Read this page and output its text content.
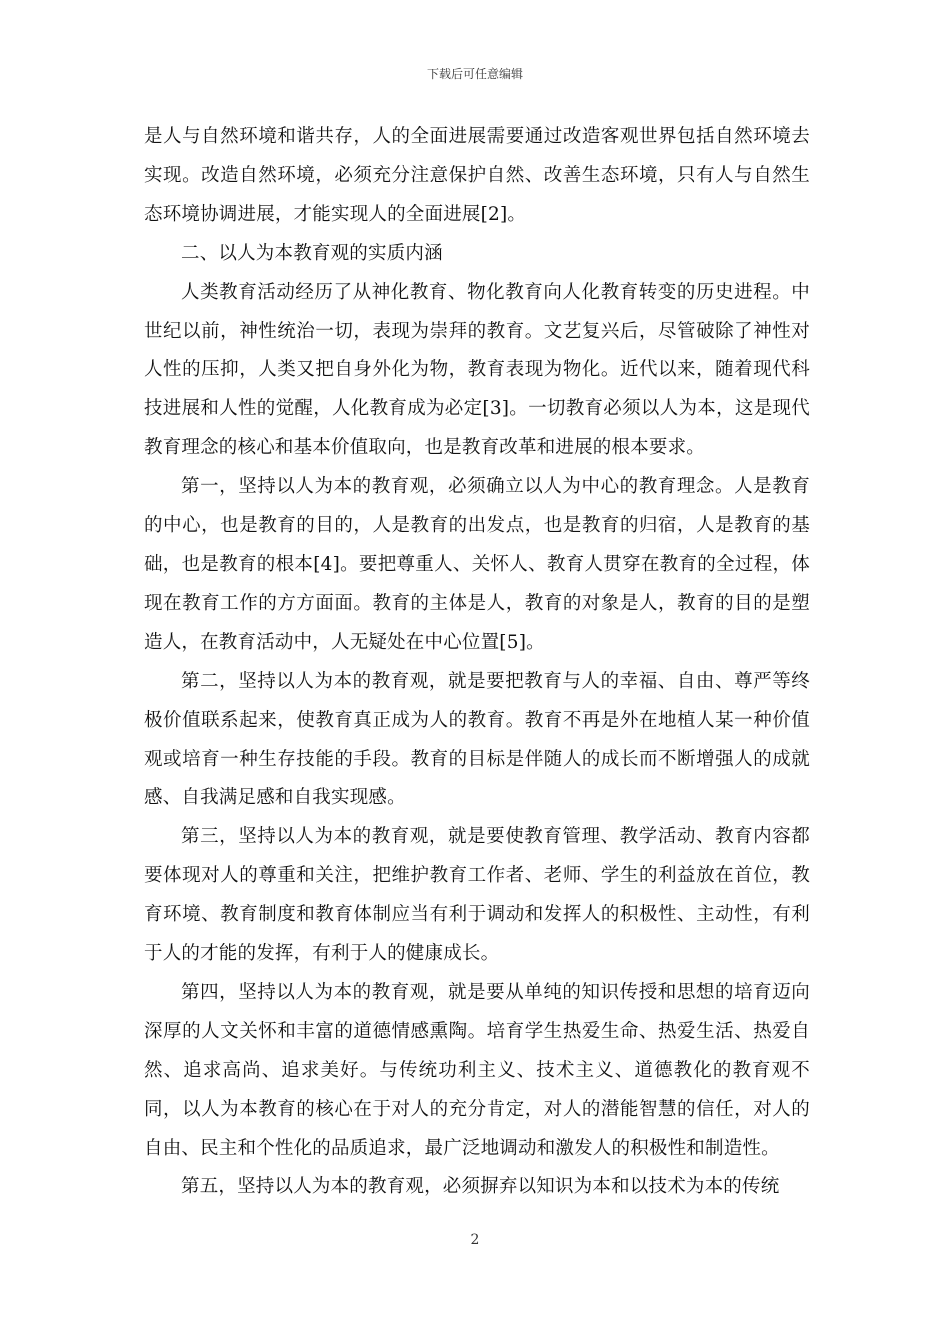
下载后可任意编辑

是人与自然环境和谐共存，人的全面进展需要通过改造客观世界包括自然环境去实现。改造自然环境，必须充分注意保护自然、改善生态环境，只有人与自然生态环境协调进展，才能实现人的全面进展[2]。

二、以人为本教育观的实质内涵

人类教育活动经历了从神化教育、物化教育向人化教育转变的历史进程。中世纪以前，神性统治一切，表现为崇拜的教育。文艺复兴后，尽管破除了神性对人性的压抑，人类又把自身外化为物，教育表现为物化。近代以来，随着现代科技进展和人性的觉醒，人化教育成为必定[3]。一切教育必须以人为本，这是现代教育理念的核心和基本价值取向，也是教育改革和进展的根本要求。

第一，坚持以人为本的教育观，必须确立以人为中心的教育理念。人是教育的中心，也是教育的目的，人是教育的出发点，也是教育的归宿，人是教育的基础，也是教育的根本[4]。要把尊重人、关怀人、教育人贯穿在教育的全过程，体现在教育工作的方方面面。教育的主体是人，教育的对象是人，教育的目的是塑造人，在教育活动中，人无疑处在中心位置[5]。

第二，坚持以人为本的教育观，就是要把教育与人的幸福、自由、尊严等终极价值联系起来，使教育真正成为人的教育。教育不再是外在地植人某一种价值观或培育一种生存技能的手段。教育的目标是伴随人的成长而不断增强人的成就感、自我满足感和自我实现感。

第三，坚持以人为本的教育观，就是要使教育管理、教学活动、教育内容都要体现对人的尊重和关注，把维护教育工作者、老师、学生的利益放在首位，教育环境、教育制度和教育体制应当有利于调动和发挥人的积极性、主动性，有利于人的才能的发挥，有利于人的健康成长。

第四，坚持以人为本的教育观，就是要从单纯的知识传授和思想的培育迈向深厚的人文关怀和丰富的道德情感熏陶。培育学生热爱生命、热爱生活、热爱自然、追求高尚、追求美好。与传统功利主义、技术主义、道德教化的教育观不同，以人为本教育的核心在于对人的充分肯定，对人的潜能智慧的信任，对人的自由、民主和个性化的品质追求，最广泛地调动和激发人的积极性和制造性。

第五，坚持以人为本的教育观，必须摒弃以知识为本和以技术为本的传统

2
